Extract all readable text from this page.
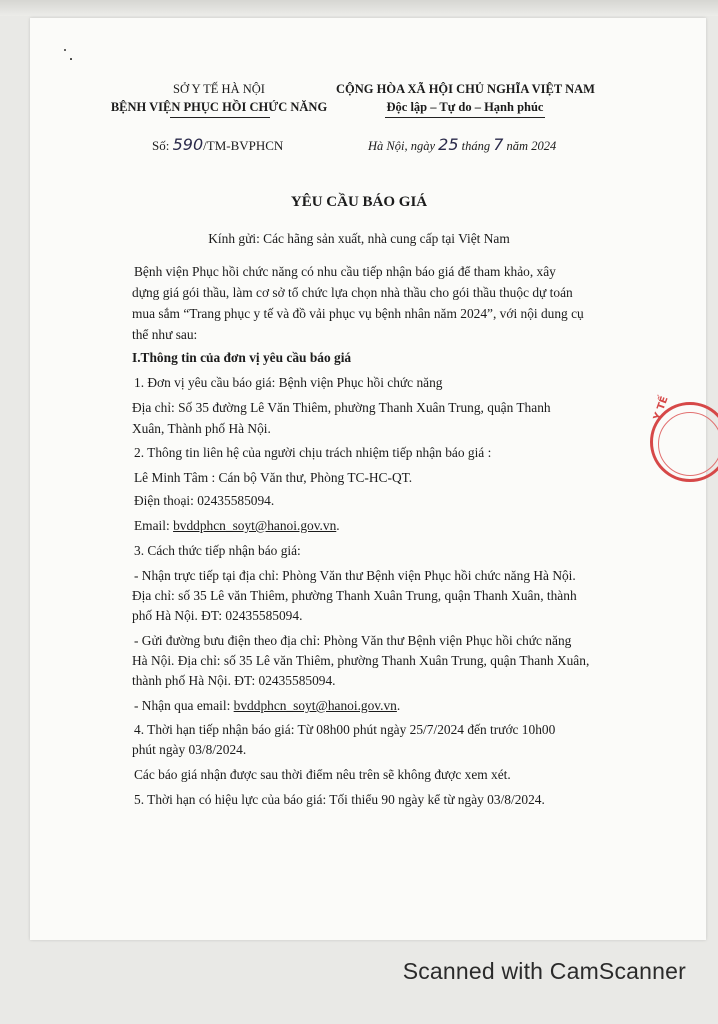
SỞ Y TẾ HÀ NỘI
BỆNH VIỆN PHỤC HỒI CHỨC NĂNG
CỘNG HÒA XÃ HỘI CHỦ NGHĨA VIỆT NAM
Độc lập – Tự do – Hạnh phúc
Số: 590/TM-BVPHCN	Hà Nội, ngày 25 tháng 7 năm 2024
YÊU CẦU BÁO GIÁ
Kính gửi: Các hãng sản xuất, nhà cung cấp tại Việt Nam
Bệnh viện Phục hồi chức năng có nhu cầu tiếp nhận báo giá để tham khảo, xây
dựng giá gói thầu, làm cơ sở tổ chức lựa chọn nhà thầu cho gói thầu thuộc dự toán
mua sắm “Trang phục y tế và đồ vải phục vụ bệnh nhân năm 2024”, với nội dung cụ
thể như sau:
I.Thông tin của đơn vị yêu cầu báo giá
1. Đơn vị yêu cầu báo giá: Bệnh viện Phục hồi chức năng
Địa chỉ: Số 35 đường Lê Văn Thiêm, phường Thanh Xuân Trung, quận Thanh
Xuân, Thành phố Hà Nội.
2. Thông tin liên hệ của người chịu trách nhiệm tiếp nhận báo giá :
Lê Minh Tâm : Cán bộ Văn thư, Phòng TC-HC-QT.
Điện thoại: 02435585094.
Email: bvddphcn_soyt@hanoi.gov.vn.
3. Cách thức tiếp nhận báo giá:
- Nhận trực tiếp tại địa chỉ: Phòng Văn thư Bệnh viện Phục hồi chức năng Hà Nội.
Địa chỉ: số 35 Lê văn Thiêm, phường Thanh Xuân Trung, quận Thanh Xuân, thành
phố Hà Nội. ĐT: 02435585094.
- Gửi đường bưu điện theo địa chỉ: Phòng Văn thư Bệnh viện Phục hồi chức năng
Hà Nội. Địa chỉ: số 35 Lê văn Thiêm, phường Thanh Xuân Trung, quận Thanh Xuân,
thành phố Hà Nội. ĐT: 02435585094.
- Nhận qua email: bvddphcn_soyt@hanoi.gov.vn.
4. Thời hạn tiếp nhận báo giá: Từ 08h00 phút ngày 25/7/2024 đến trước 10h00
phút ngày 03/8/2024.
Các báo giá nhận được sau thời điểm nêu trên sẽ không được xem xét.
5. Thời hạn có hiệu lực của báo giá: Tối thiểu 90 ngày kể từ ngày 03/8/2024.
Y TẾ
Scanned with CamScanner
